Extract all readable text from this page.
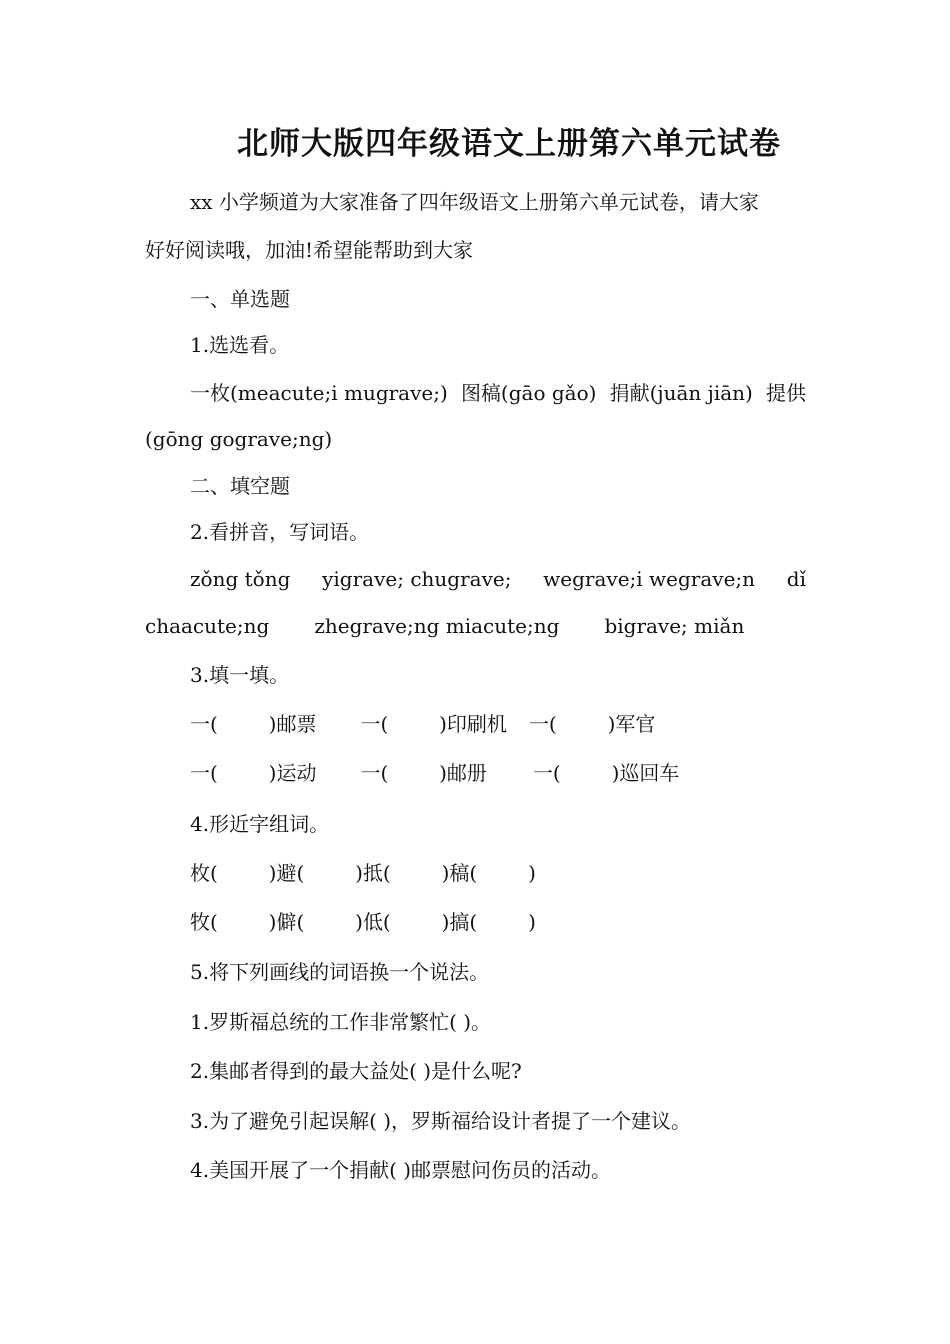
北师大版四年级语文上册第六单元试卷
xx 小学频道为大家准备了四年级语文上册第六单元试卷，请大家
好好阅读哦，加油!希望能帮助到大家
一、单选题
1.选选看。
一枚(meacute;i mugrave;) 图稿(gāo gǎo) 捐献(juān jiān) 提供
(gōng gograve;ng)
二、填空题
2.看拼音，写词语。
zǒng tǒng yigrave; chugrave; wegrave;i wegrave;n dǐ
chaacute;ng zhegrave;ng miacute;ng bigrave; miǎn
3.填一填。
一(        )邮票 一(        )印刷机 一(        )军官
一(        )运动 一(        )邮册 一(        )巡回车
4.形近字组词。
枚(        ) 避(        ) 抵(        ) 稿(        )
牧(        ) 僻(        ) 低(        ) 搞(        )
5.将下列画线的词语换一个说法。
1.罗斯福总统的工作非常繁忙( )。
2.集邮者得到的最大益处( )是什么呢?
3.为了避免引起误解( )，罗斯福给设计者提了一个建议。
4.美国开展了一个捐献( )邮票慰问伤员的活动。
